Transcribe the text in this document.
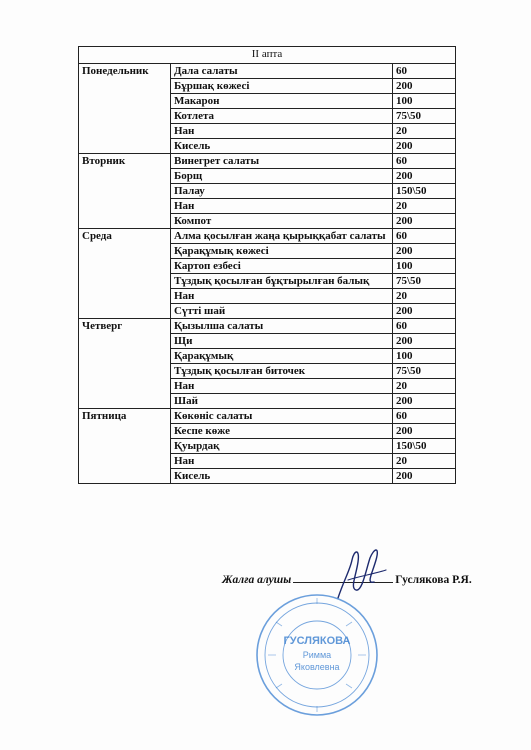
II апта		
Понедельник	Дала салаты	60
	Бұршақ көжесі	200
	Макарон	100
	Котлета	75\50
	Нан	20
	Кисель	200
Вторник	Винегрет салаты	60
	Борщ	200
	Палау	150\50
	Нан	20
	Компот	200
Среда	Алма қосылған жаңа қырыққабат салаты	60
	Қарақұмық көжесі	200
	Картоп езбесі	100
	Тұздық қосылған бұқтырылған балық	75\50
	Нан	20
	Сүтті шай	200
Четверг	Қызылша салаты	60
	Щи	200
	Қарақұмық	100
	Тұздық қосылған биточек	75\50
	Нан	20
	Шай	200
Пятница	Көкөніс салаты	60
	Кеспе көже	200
	Қуырдақ	150\50
	Нан	20
	Кисель	200
Жалға алушы	Гуслякова Р.Я.
ГУСЛЯКОВА
Римма
Яковлевна
